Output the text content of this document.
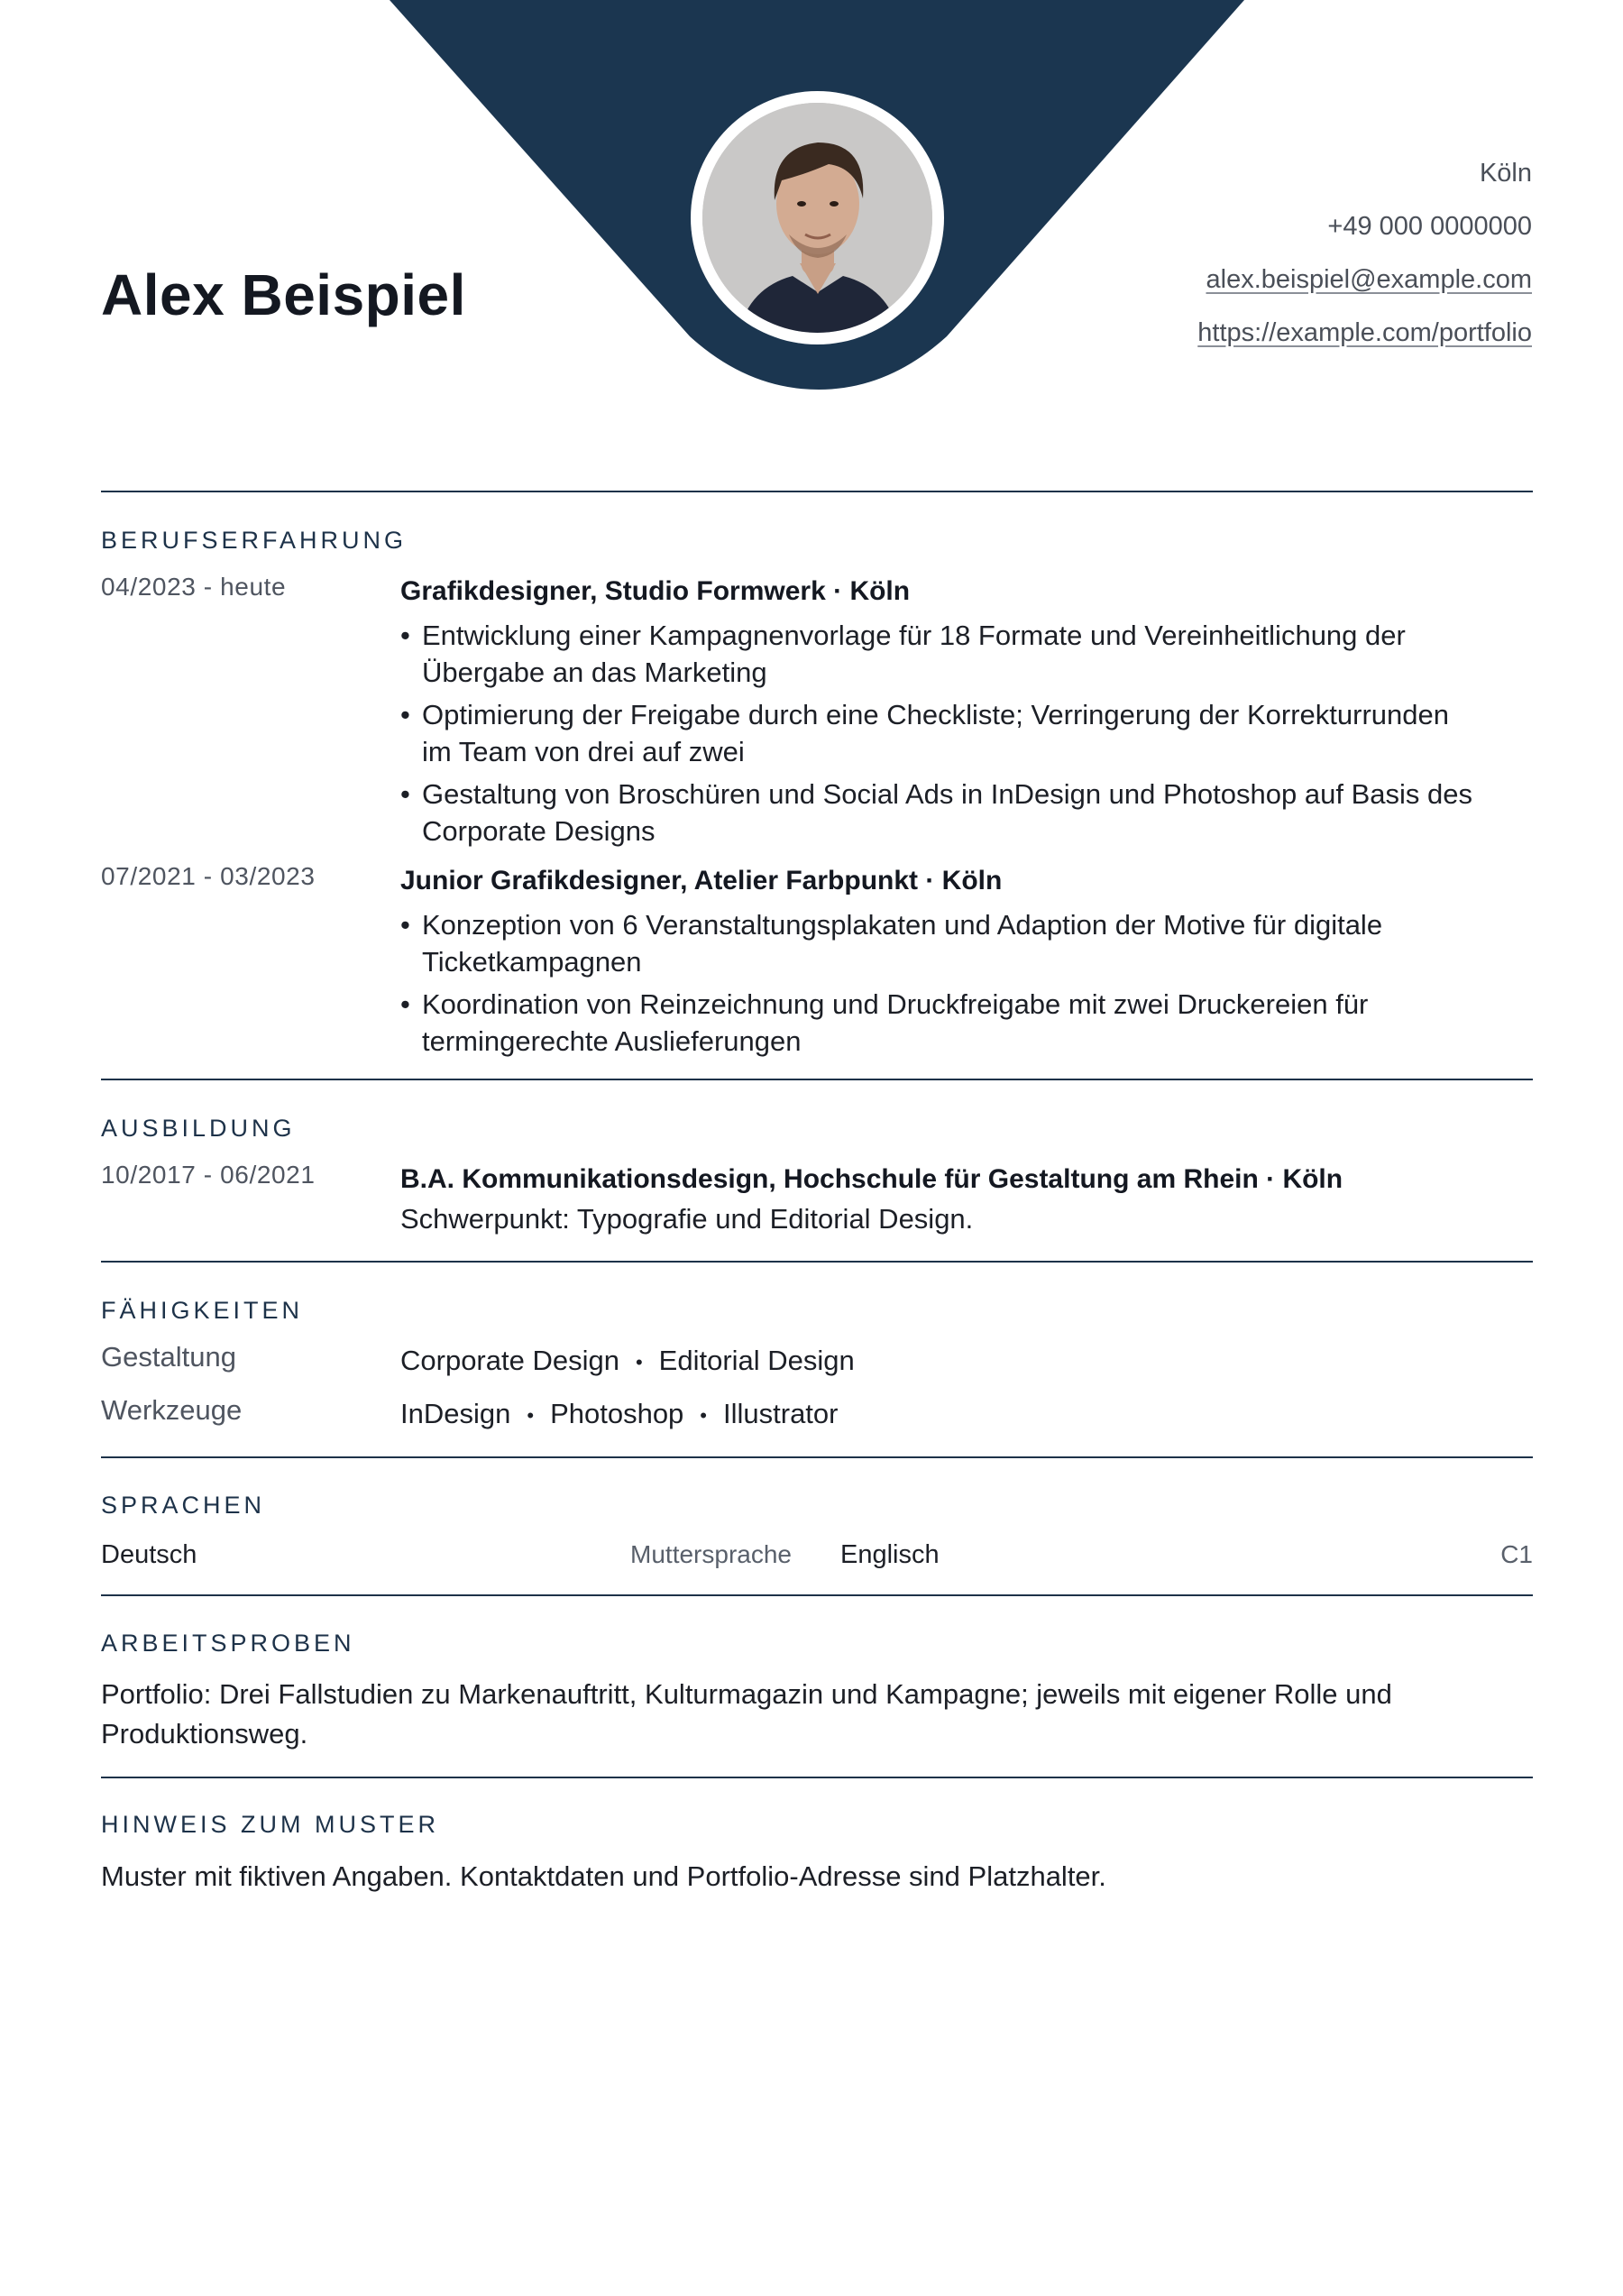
Alex Beispiel
Köln
+49 000 0000000
alex.beispiel@example.com
https://example.com/portfolio
BERUFSERFAHRUNG
04/2023 - heute	Grafikdesigner, Studio Formwerk · Köln
• Entwicklung einer Kampagnenvorlage für 18 Formate und Vereinheitlichung der
Übergabe an das Marketing
• Optimierung der Freigabe durch eine Checkliste; Verringerung der Korrekturrunden
im Team von drei auf zwei
• Gestaltung von Broschüren und Social Ads in InDesign und Photoshop auf Basis des
Corporate Designs
07/2021 - 03/2023	Junior Grafikdesigner, Atelier Farbpunkt · Köln
• Konzeption von 6 Veranstaltungsplakaten und Adaption der Motive für digitale
Ticketkampagnen
• Koordination von Reinzeichnung und Druckfreigabe mit zwei Druckereien für
termingerechte Auslieferungen
AUSBILDUNG
10/2017 - 06/2021	B.A. Kommunikationsdesign, Hochschule für Gestaltung am Rhein · Köln
Schwerpunkt: Typografie und Editorial Design.
FÄHIGKEITEN
Gestaltung	Corporate Design • Editorial Design
Werkzeuge	InDesign • Photoshop • Illustrator
SPRACHEN
Deutsch	Muttersprache Englisch	C1
ARBEITSPROBEN
Portfolio: Drei Fallstudien zu Markenauftritt, Kulturmagazin und Kampagne; jeweils mit eigener Rolle und
Produktionsweg.
HINWEIS ZUM MUSTER
Muster mit fiktiven Angaben. Kontaktdaten und Portfolio-Adresse sind Platzhalter.
